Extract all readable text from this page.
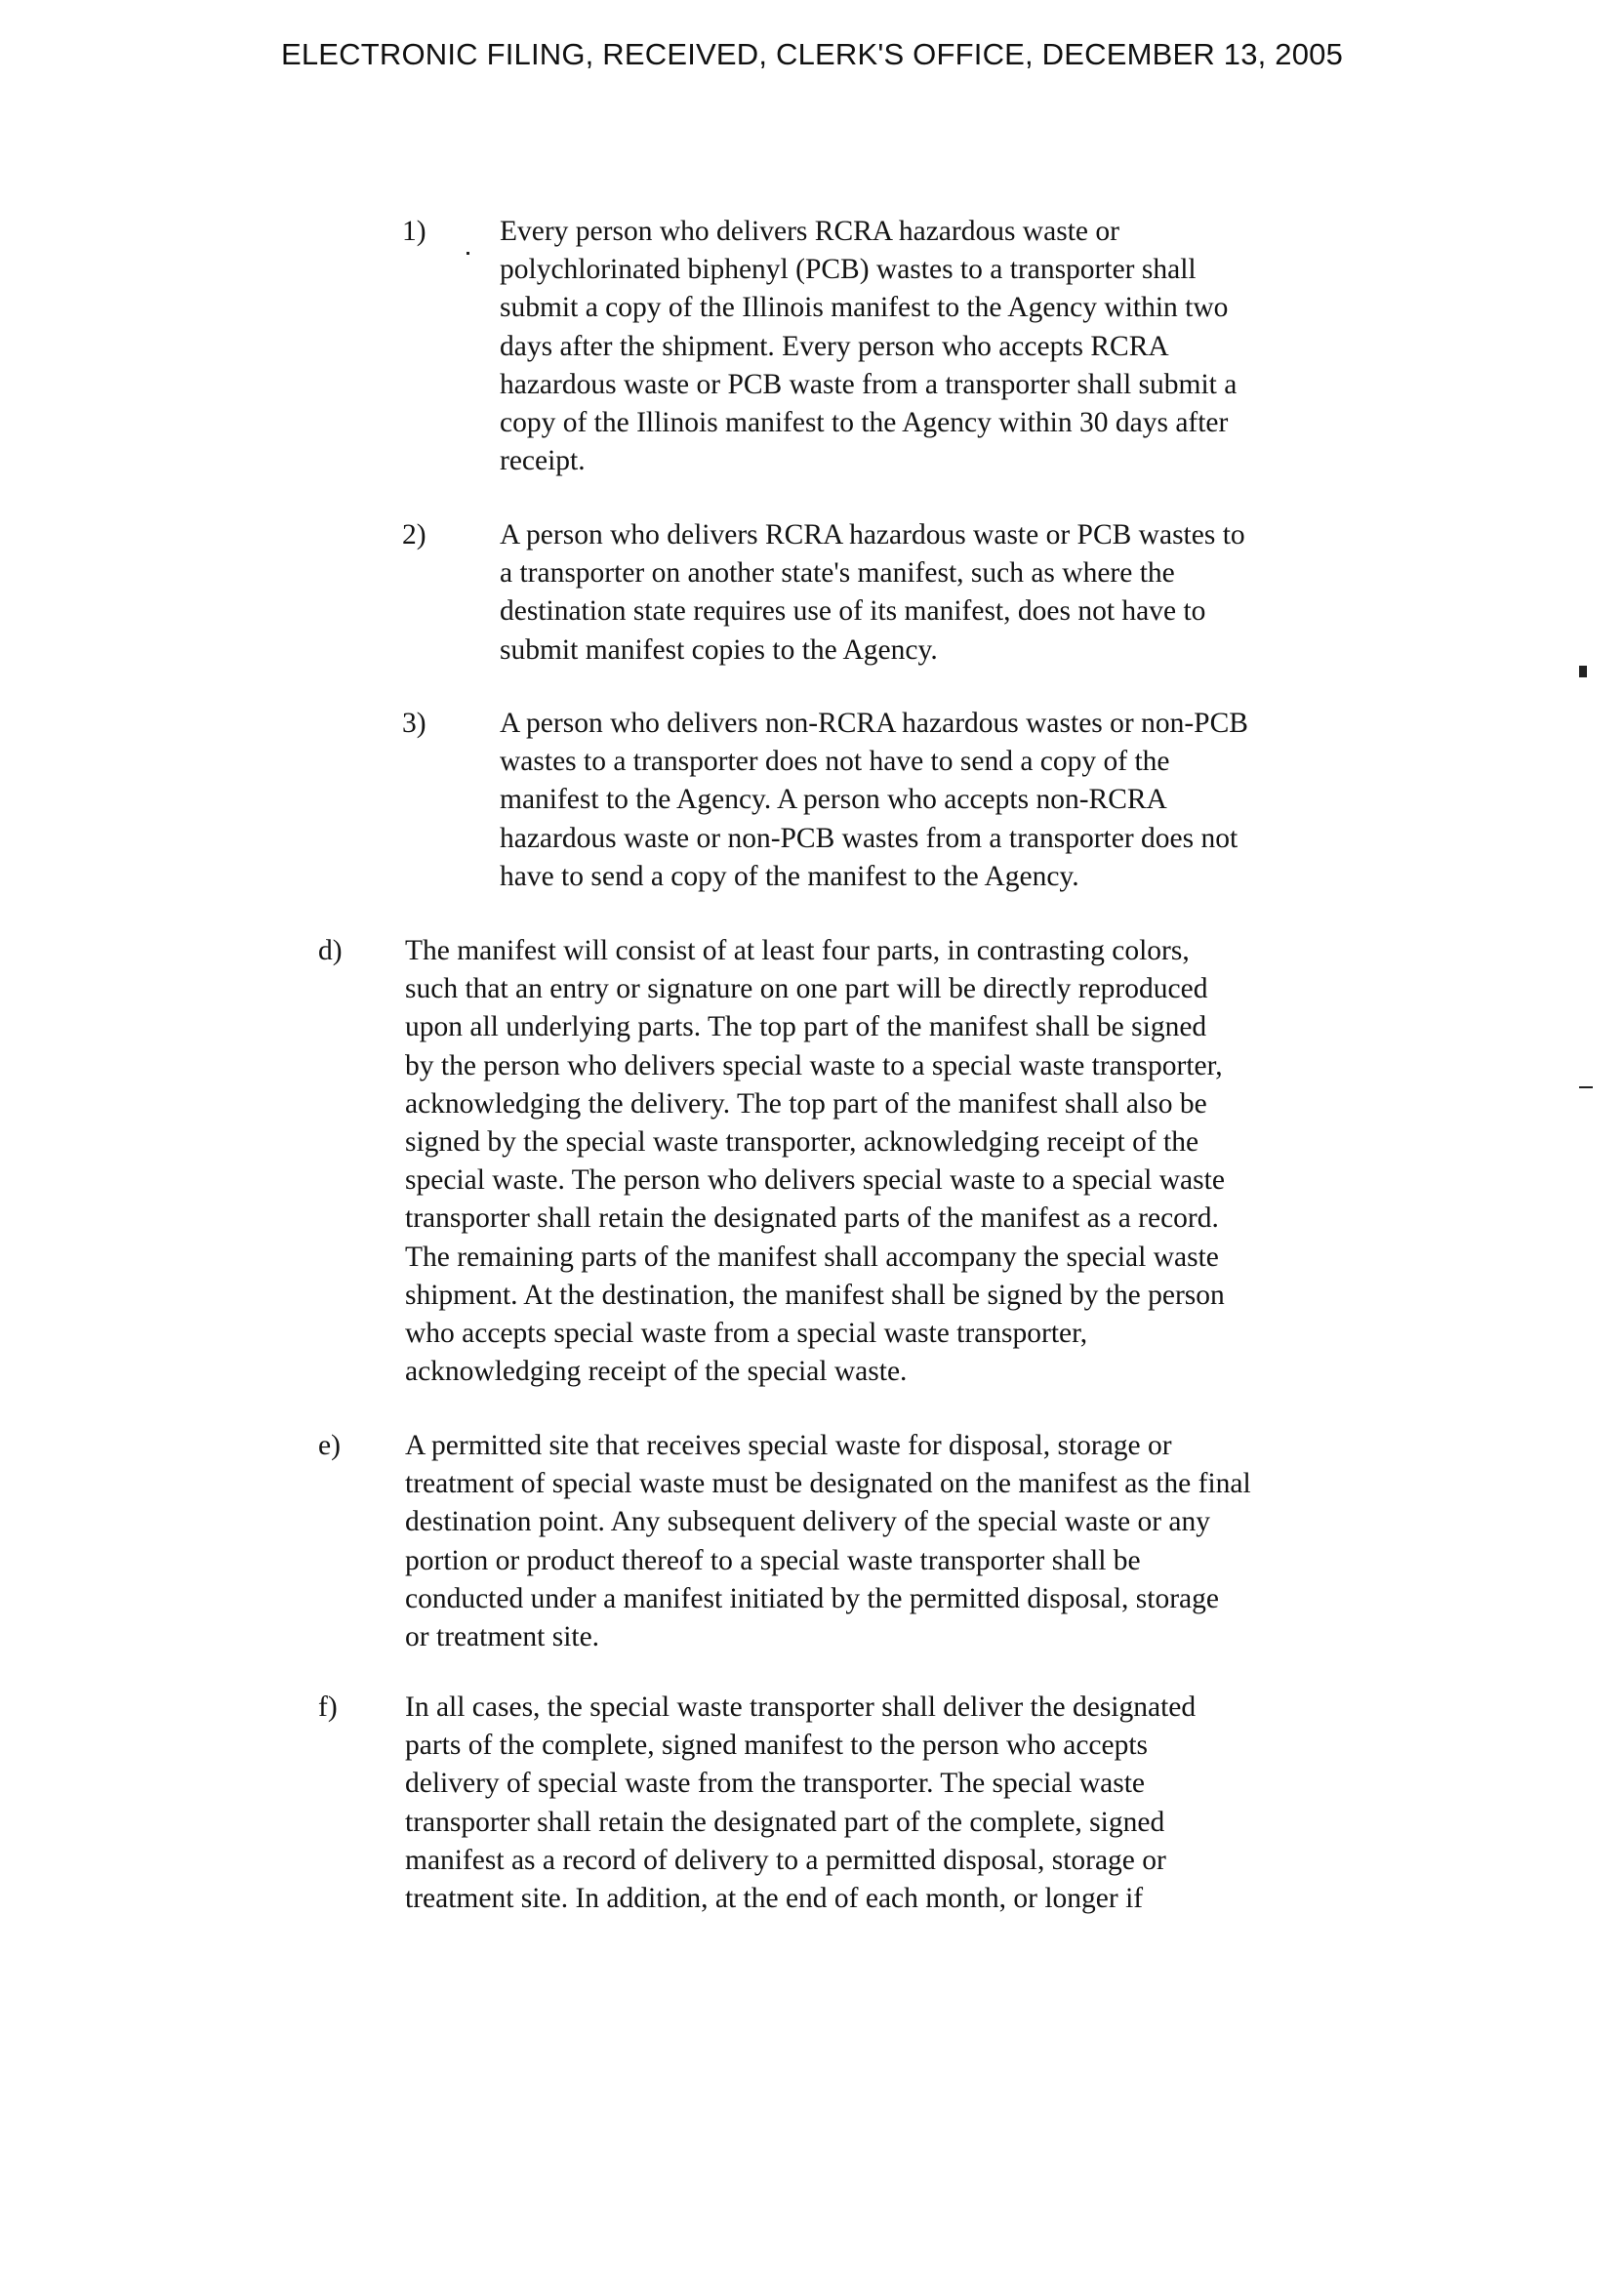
ELECTRONIC FILING, RECEIVED, CLERK'S OFFICE, DECEMBER 13, 2005
1)	Every person who delivers RCRA hazardous waste or
polychlorinated biphenyl (PCB) wastes to a transporter shall
submit a copy of the Illinois manifest to the Agency within two
days after the shipment. Every person who accepts RCRA
hazardous waste or PCB waste from a transporter shall submit a
copy of the Illinois manifest to the Agency within 30 days after
receipt.
2)	A person who delivers RCRA hazardous waste or PCB wastes to
a transporter on another state's manifest, such as where the
destination state requires use of its manifest, does not have to
submit manifest copies to the Agency.
3)	A person who delivers non-RCRA hazardous wastes or non-PCB
wastes to a transporter does not have to send a copy of the
manifest to the Agency. A person who accepts non-RCRA
hazardous waste or non-PCB wastes from a transporter does not
have to send a copy of the manifest to the Agency.
d) The manifest will consist of at least four parts, in contrasting colors,
such that an entry or signature on one part will be directly reproduced
upon all underlying parts. The top part of the manifest shall be signed
by the person who delivers special waste to a special waste transporter,
acknowledging the delivery. The top part of the manifest shall also be
signed by the special waste transporter, acknowledging receipt of the
special waste. The person who delivers special waste to a special waste
transporter shall retain the designated parts of the manifest as a record.
The remaining parts of the manifest shall accompany the special waste
shipment. At the destination, the manifest shall be signed by the person
who accepts special waste from a special waste transporter,
acknowledging receipt of the special waste.
e) A permitted site that receives special waste for disposal, storage or
treatment of special waste must be designated on the manifest as the final
destination point. Any subsequent delivery of the special waste or any
portion or product thereof to a special waste transporter shall be
conducted under a manifest initiated by the permitted disposal, storage
or treatment site.
f) In all cases, the special waste transporter shall deliver the designated
parts of the complete, signed manifest to the person who accepts
delivery of special waste from the transporter. The special waste
transporter shall retain the designated part of the complete, signed
manifest as a record of delivery to a permitted disposal, storage or
treatment site. In addition, at the end of each month, or longer if
